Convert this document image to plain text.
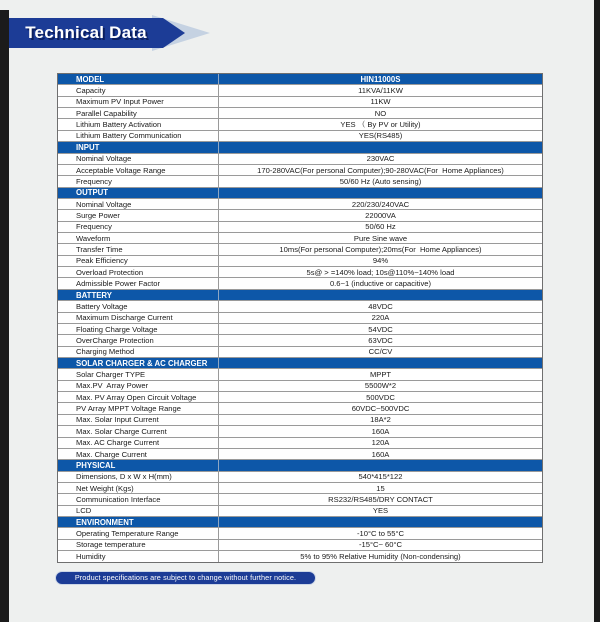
Technical Data
MODEL	HIN11000S
Capacity	11KVA/11KW
Maximum PV Input Power	11KW
Parallel Capability	NO
Lithium Battery Activation	YES （ By PV or Utility)
Lithium Battery Communication	YES(RS485)
INPUT
Nominal Voltage	230VAC
Acceptable Voltage Range	170-280VAC(For personal Computer);90-280VAC(For  Home Appliances)
Frequency	50/60 Hz (Auto sensing)
OUTPUT
Nominal Voltage	220/230/240VAC
Surge Power	22000VA
Frequency	50/60 Hz
Waveform	Pure Sine wave
Transfer Time	10ms(For personal Computer);20ms(For  Home Appliances)
Peak Efficiency	94%
Overload Protection	5s@ > =140% load; 10s@110%~140% load
Admissible Power Factor	0.6~1 (inductive or capacitive)
BATTERY
Battery Voltage	48VDC
Maximum Discharge Current	220A
Floating Charge Voltage	54VDC
OverCharge Protection	63VDC
Charging Method	CC/CV
SOLAR CHARGER & AC CHARGER
Solar Charger TYPE	MPPT
Max.PV  Array Power	5500W*2
Max. PV Array Open Circuit Voltage	500VDC
PV Array MPPT Voltage Range	60VDC~500VDC
Max. Solar Input Current	18A*2
Max. Solar Charge Current	160A
Max. AC Charge Current	120A
Max. Charge Current	160A
PHYSICAL
Dimensions, D x W x H(mm)	540*415*122
Net Weight (Kgs)	15
Communication Interface	RS232/RS485/DRY CONTACT
LCD	YES
ENVIRONMENT
Operating Temperature Range	-10°C to 55°C
Storage temperature	-15°C~ 60°C
Humidity	5% to 95% Relative Humidity (Non-condensing)
Product specifications are subject to change without further notice.
